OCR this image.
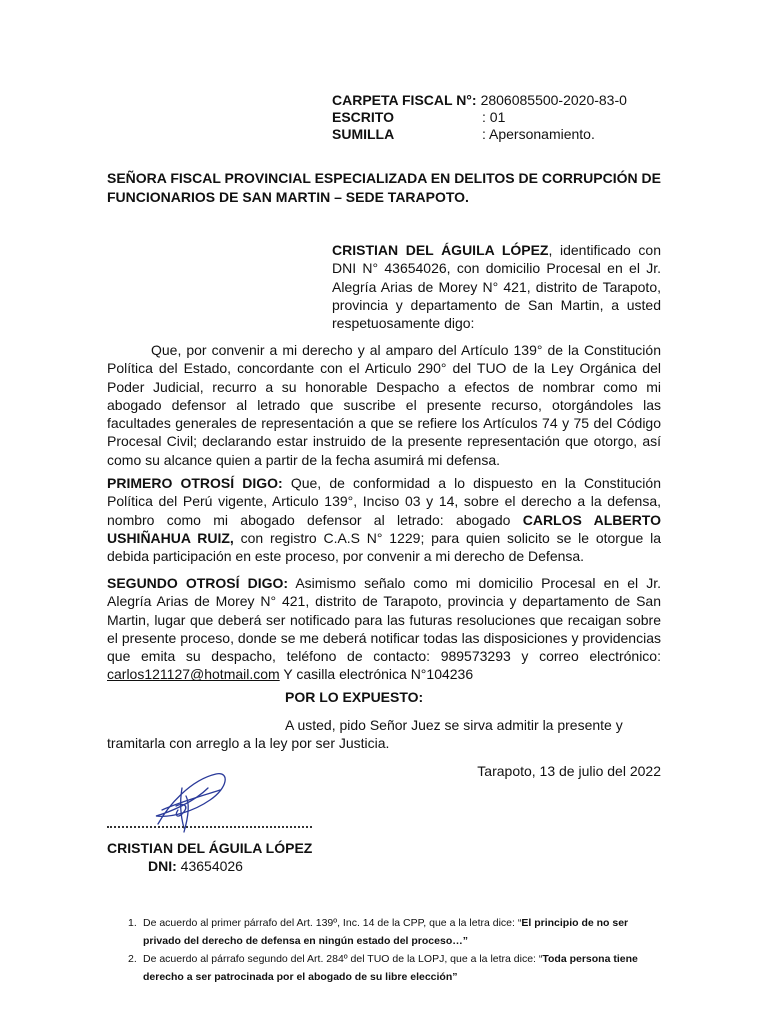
CARPETA FISCAL N°: 2806085500-2020-83-0
ESCRITO	: 01
SUMILLA	: Apersonamiento.

SEÑORA FISCAL PROVINCIAL ESPECIALIZADA EN DELITOS DE CORRUPCIÓN DE FUNCIONARIOS DE SAN MARTIN – SEDE TARAPOTO.

CRISTIAN DEL ÁGUILA LÓPEZ, identificado con DNI N° 43654026, con domicilio Procesal en el Jr. Alegría Arias de Morey N° 421, distrito de Tarapoto, provincia y departamento de San Martin, a usted respetuosamente digo:

Que, por convenir a mi derecho y al amparo del Artículo 139° de la Constitución Política del Estado, concordante con el Articulo 290° del TUO de la Ley Orgánica del Poder Judicial, recurro a su honorable Despacho a efectos de nombrar como mi abogado defensor al letrado que suscribe el presente recurso, otorgándoles las facultades generales de representación a que se refiere los Artículos 74 y 75 del Código Procesal Civil; declarando estar instruido de la presente representación que otorgo, así como su alcance quien a partir de la fecha asumirá mi defensa.

PRIMERO OTROSÍ DIGO: Que, de conformidad a lo dispuesto en la Constitución Política del Perú vigente, Articulo 139°, Inciso 03 y 14, sobre el derecho a la defensa, nombro como mi abogado defensor al letrado: abogado CARLOS ALBERTO USHIÑAHUA RUIZ, con registro C.A.S N° 1229; para quien solicito se le otorgue la debida participación en este proceso, por convenir a mi derecho de Defensa.

SEGUNDO OTROSÍ DIGO: Asimismo señalo como mi domicilio Procesal en el Jr. Alegría Arias de Morey N° 421, distrito de Tarapoto, provincia y departamento de San Martin, lugar que deberá ser notificado para las futuras resoluciones que recaigan sobre el presente proceso, donde se me deberá notificar todas las disposiciones y providencias que emita su despacho, teléfono de contacto: 989573293 y correo electrónico: carlos121127@hotmail.com Y casilla electrónica N°104236

POR LO EXPUESTO:
A usted, pido Señor Juez se sirva admitir la presente y
tramitarla con arreglo a la ley por ser Justicia.
Tarapoto, 13 de julio del 2022
CRISTIAN DEL ÁGUILA LÓPEZ
DNI: 43654026
1. De acuerdo al primer párrafo del Art. 139º, Inc. 14 de la CPP, que a la letra dice: “El principio de no ser privado del derecho de defensa en ningún estado del proceso…”
2. De acuerdo al párrafo segundo del Art. 284º del TUO de la LOPJ, que a la letra dice: “Toda persona tiene derecho a ser patrocinada por el abogado de su libre elección”
